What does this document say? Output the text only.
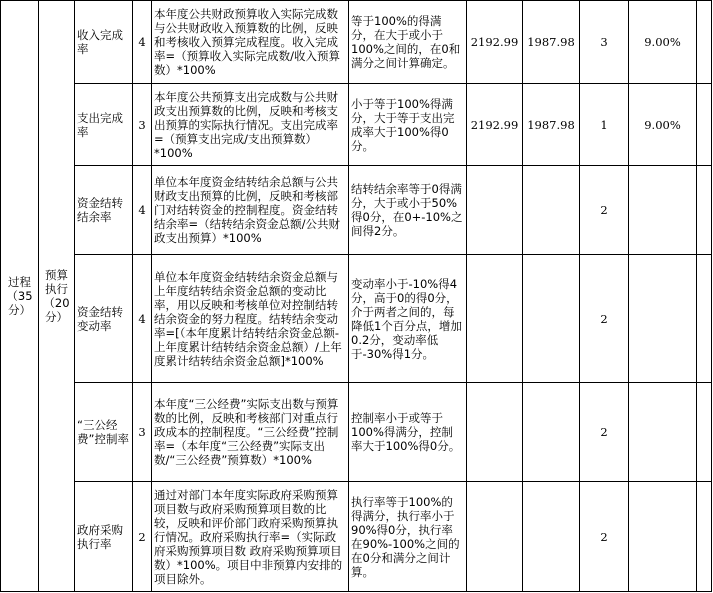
过程（35分）	预算执行（20分）	收入完成率	4	本年度公共财政预算收入实际完成数与公共财政收入预算数的比例，反映和考核收入预算完成程度。收入完成率=（预算收入实际完成数/收入预算数）*100%	等于100%的得满分，在大于或小于100%之间的，在0和满分之间计算确定。	2192.99	1987.98	3	9.00%	
		支出完成率	3	本年度公共预算支出完成数与公共财政支出预算数的比例，反映和考核支出预算的实际执行情况。支出完成率=（预算支出完成/支出预算数）*100%	小于等于100%得满分，大于等于支出完成率大于100%得0分。	2192.99	1987.98	1	9.00%	
		资金结转结余率	4	单位本年度资金结转结余总额与公共财政支出预算的比例，反映和考核部门对结转资金的控制程度。资金结转结余率=（结转结余资金总额/公共财政支出预算）*100%	结转结余率等于0得满分，大于或小于50%得0分，在0+-10%之间得2分。			2		
		资金结转变动率	4	单位本年度资金结转结余资金总额与上年度结转结余资金总额的变动比率，用以反映和考核单位对控制结转结余资金的努力程度。结转结余变动率=[（本年度累计结转结余资金总额-上年度累计结转结余资金总额）/上年度累计结转结余资金总额]*100%	变动率小于-10%得4分，高于0的得0分，介于两者之间的，每降低1个百分点，增加0.2分，变动率低于-30%得1分。			2		
		“三公经费”控制率	3	本年度“三公经费”实际支出数与预算数的比例，反映和考核部门对重点行政成本的控制程度。“三公经费”控制率=（本年度“三公经费”实际支出数/“三公经费”预算数）*100%	控制率小于或等于100%得满分，控制率大于100%得0分。			2		
		政府采购执行率	2	通过对部门本年度实际政府采购预算项目数与政府采购预算项目数的比较，反映和评价部门政府采购预算执行情况。政府采购执行率=（实际政府采购预算项目数 政府采购预算项目数）*100%。项目中非预算内安排的项目除外。	执行率等于100%的得满分，执行率小于90%得0分，执行率在90%-100%之间的在0分和满分之间计算。			2		
